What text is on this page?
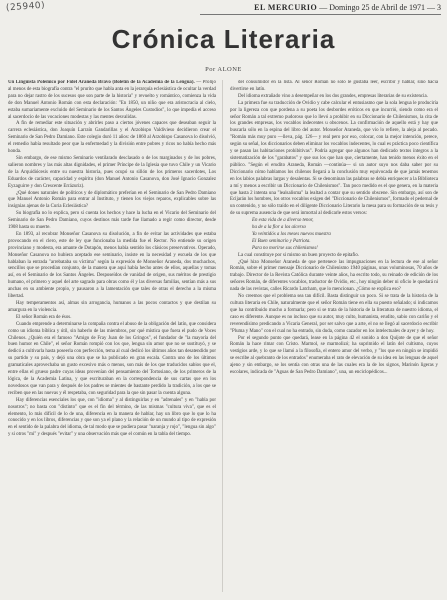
(25940)	EL MERCURIO — Domingo 25 de Abril de 1971 — 3
Crónica Literaria
Por ALONE

Un Lingüista Polémico por Fidel Araneda Bravo (Boletín de la Academia de la Lengua). — Prolijo al menos de esta biografía contra "el prurito que habla anta en la jerarquía eclesiástica de ocultar la verdad para no dejar rastro de los sucesos que son parte de la historia" y revuelto y romántico, comienza la vida de don Manuel Antonio Román con esta declaración: "En 1850, un niño que era aristocracia al cielo, estaba sumariamente excluido del Seminario de los Santos Ángeles Custodios", lo que impedía el acceso al sacerdocio de las vocaciones modestas y las mentes desvalidas.

A fin de remediar este situación y abrirles paso a ciertos jóvenes capaces que deseaban seguir la carrera eclesiástica, don Joaquín Larraín Gandarillas y el Arzobispo Valdivieso decidieron crear el Seminario de San Pedro Damiano. Este colegio duró 11 años: de 1860 al Arzobispo Casanova lo disolvió, el remedio había resultado peor que la enfermedad y la división entre pobres y ricos no había hecho más honda.

Sin embargo, de ese mismo Seminario ventilarado desclasado o de los marginados y de los pobres, salieron nombres y las más altas dignidades, el primer Príncipe de la Iglesia que tuvo Chile y un Vicario de la Arquidiócesis entre su nuestra historia, pues ocupó su sillón de los primeros sacerdotes, Los Eduardos de carácter, capacidad y espíritu (don Manuel Antonio Casanova, don José Ignacio Gonzalez Eyzaguirre y don Crescente Errázuriz).

¿Qué dones naturales de políticos y de diplomático preferían en el Seminario de San Pedro Damiano que Manuel Antonio Román para entrar al Instituto, y tienen los viejos reparos, explicables sobre las insignias ajenas de la Curia Eclesiástica?

Su biografía no lo explica, pero sí cuenta los hechos y hace la lucha en el Vicario del Seminario del Seminario de San Pedro Damiano, cuyos destinos más tarde fue llamado a regir como director, desde 1908 hasta su muerte.

En 1893, al recobrar Monseñor Casanova su disolución, a fin de evitar las actividades que estaba provocando en el clero, este de ley que funcionaba la medida fue el Rector. No entiende su origen provinciano y modesta, era amante de Dotapón, menos había sentido los clásicos preservativos. Operado, Monseñor Casanova no hubiera aceptado ese seminario, insiste en la necesidad y escuela de los que hablaban la entrada "arrebataba su víctima" según la expresión de Monseñor Araneda, dos muchachos, sencillos que se procedían conjunto, de la manera que aquí había hecho antes de ellos, aquellas y tomas así, en el Seminario de los Santos Ángeles. Desposeídos de vanidad de origen, sus méritos de prestigio humano, el primero y aquel del arte sagrado para obras como él y las diversas familias, sentían más a sus anchas en su ambiente propio, y pausaron a la lamentación que tales de otras el derecho a la misma libertad.

Hay temperamentos así, almas sin arrogancia, humanos a las pocos contactos y que destilan su amargura en la violencia.

El señor Román era de ésos.

Cuando emprende a determinarse la compaña contra el abuso de la obligación del latín, que considera como un idioma bíblica y útil, sin haberlo de las miembros, por qué mística que fuera el pudo de Voces Chilenos. ¿Quién era el famoso "Amigo de Fray Juan de los Gringos", el fundador de "la mayoría del buen humor en Chile", el señor Román rompió con los que, lengua sin amor que no se sustituyó, y se dedicó a cultivarla hasta poseerla con perfección, tema al cual dedicó los últimos años tan desatendido por su partido y su país, y dejó una obra que se ha publicado en gran escala. Contra uno de los últimos gramaticales aprovechaba un gusto excesivo más o menos, son más de los que traducidos sabios que el, entre ellas el grueso padre cuyas ideas provenían del pensamiento del Tortosiano, de los primeros de la lógica, de la Academia Latina, y que escrituraban en la correspondencia de sus cartas que en los novedosos que van para y después de los padres se mientes de bastante perdido la tradición, a los que se reciben que en las nuevas y él respetaba, con seguridad para la que sin pasar la cuenta alguna.

Hay diferencias esenciales los que, con "idioma" y al distinguirlas y en "adrenales" y en "habla por nosotros"; no basta con "distinto" que es el fin del término, de las mismas "cultura viva", que es el elemento, lo más difícil de lo de una, diferencia en la manera de hablar, hay un libro que lo que lo ha conocido y en los libros, diferencias y que son ya el plano y la relación de un mundo al tipo de expresión en el sentido de la palabra del idioma, de tal modo que se pudiera pasar "naranja y rojo", "lengua sin algo" y si otros "mi" y después "evitar" y una observación más que el común en la tabla del tiempo.

del consumidor en la lista. Al señor Román no solo le gustaba leer, escribir y hablar, sino hacía divertirse en latín.

Del idioma extrañado vino a desempeñar en los dos grandes, empresas literarias de su existencia.

La primera fue su traducción de Ovidio y cabe calcular el entusiasmo que la sola lengua le produciría por la ligereza con que pordena a su poeta los desbordes eróticos en que incurrió, siendo como era el señor Román a tal extremo pudoroso que lo llevó a prohibir en su Diccionario de Chilenismos, la cita de los grandes empresas, los vocablos indecentes u obscenos. La confirmación de aquello está y hay que buscarla sólo en la espina del libro del autor. Monseñor Araneda, que vio lo refiere, la aleja al pecado. "Román más muy puro —lleva, pág. 126— y real pero por eso, colocar, con la mejor intención, perece, según su señal, los diccionarios deben eliminar los vocablos indecentes, lo cual es práctica poco científica y se pasan las habitaciones prohibitivas". Podría agregar que algunos han dedicado textos íntegros a la sistematización de los "garabatos" y que sus los que han que, ciertamente, han tenido menos éxito en el público. "Según el erudito Araneda, Román —continúa— si un autor suyo nos daba saber por su Diccionario cómo hablamos los chilenos llegará a la conclusión muy equivocada de que jamás tenemos en los labios palabras largas y desalentas. Si se denominan las palabras se debía enriquecer a la Biblioteca a mí y menos a escribir un Diccionario de Chilenismos". Tan poco medido es el que genera, en la materia que hasta 2 intenta una "lealsalisma" la lealtad a contar que su sentido obscene. Sin embargo, así son de Ecijarán los hombres, los otros vocablos exigen del "Diccionario de Chilenismos", formado el pedernal de un contenido, y no sólo traído en el diligente Diccionario Literario la mesa para su formación de su tesis y de su suprema ausencia de que será inmortal al dedicarle estos versos:

En esta vida de a diverso tenor,

ha de a la flor a los alcerso

Ya veintidós a los meses nuevos muestra

El Buen seminario y Patriota.

Para no morirse sus chilenismos!

La cual constituye por si mismo un buen proyecto de epitafio.

¿Qué hizo Monseñor Araneda de que pertenece las impugnaciones en la lectura de ese al señor Román, sobre el primer mensaje Diccionario de Chilenismo 1940 páginas, unas voluminosas, 70 años de trabajo. Director de la Revista Católica durante veinte años, ha escrito todo, su reinado de edición de los señores Román, de diferentes vocablos, traductor de Ovidio, etc., hoy ningún deber ni oficio le quedará ni nada de las revistas, calles Ricardo Latcham, que lo mencionan. ¿Cómo se explica eso?

No creemos que el problema sea tan difícil. Basta distinguir un poco. Si se trata de la historia de la cultura literaria en Chile, naturalmente que el señor Román tiene en ella su puesto señalado; si indicamos que ha contribuido mucho a formarla; pero si se trata de la historia de la literatura de nuestro idioma, el caso es diferente. Aunque es no incluso que su autor, muy culto, humanista, erudito, sabio con cariño y el reverendísimo predicando a Vicaria General, por ser salvo que a arte, el no se llegó al sacerdocio escribir "Pluma y Mano" con el cual no ha entrado, sin duda, como cazador en los intelectuales de ayer y de hoy.

Por el segundo punto que quedará, lease en la página 42 el sonido a don Quijote de que el señor Román la hace rimar con Cristo. Marmol, se marmolizó; ha suprimido el latín del cultismo, cuyos vestigios arde, y lo que se llamó a la filosofía, el entero amor del verbo, y "los que en ningún se impidió se escribe al quebranto de los entrados" enumeraba el rato de elevación de su idea en las lenguas de aquel ajeno y sin embargo, se los sentía con otras una de las cuales era la de los signos, Marinón ligeras y escolares, indicada de "Aguas de San Pedro Damiano", una, un enciclopédicos...
